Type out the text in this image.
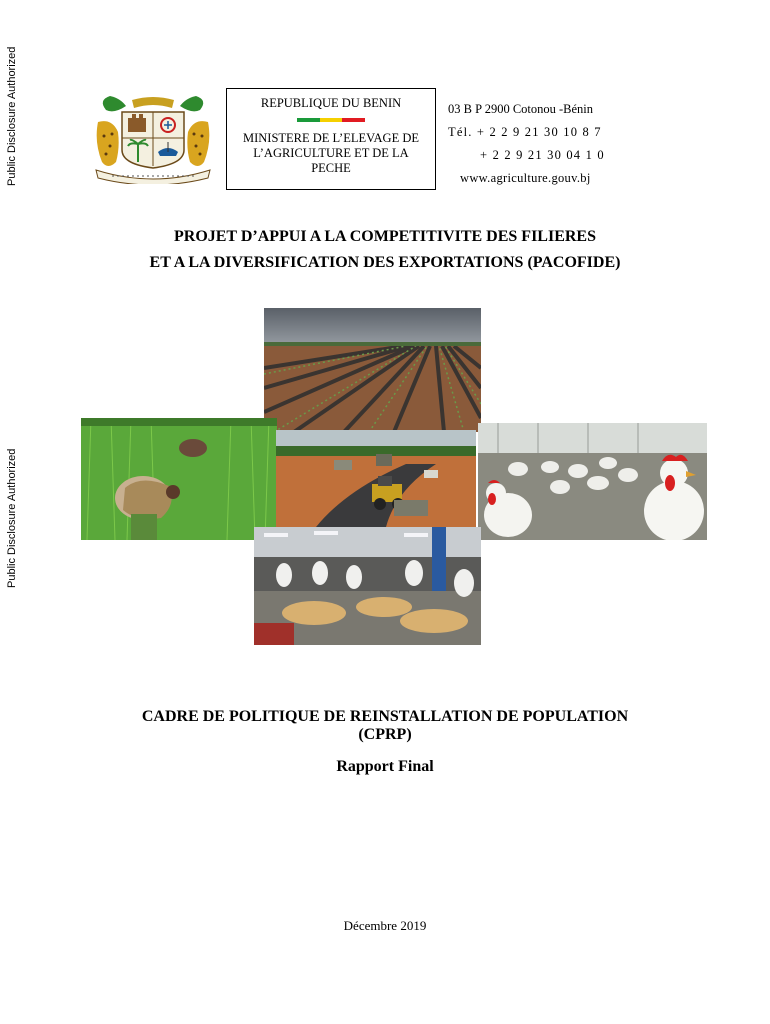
Public Disclosure Authorized
Public Disclosure Authorized
REPUBLIQUE DU BENIN
MINISTERE DE L’ELEVAGE DE L’AGRICULTURE ET DE LA PECHE
03 B P 2900 Cotonou -Bénin
Tél. + 2 2 9 21 30 10 8 7
+ 2 2 9 21 30 04 1 0
www.agriculture.gouv.bj
PROJET D’APPUI A LA COMPETITIVITE DES FILIERES
ET A LA DIVERSIFICATION DES EXPORTATIONS (PACOFIDE)
CADRE DE POLITIQUE DE REINSTALLATION DE POPULATION
(CPRP)
Rapport Final
Décembre 2019
